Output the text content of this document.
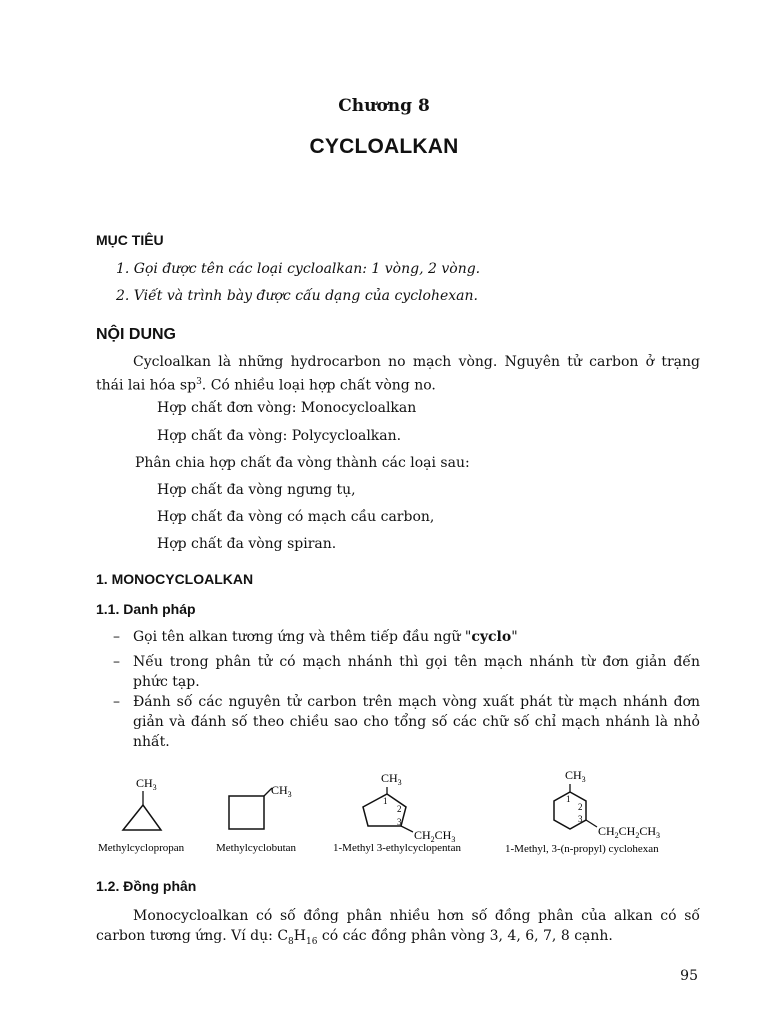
Chương 8
CYCLOALKAN
MỤC TIÊU
1. Gọi được tên các loại cycloalkan: 1 vòng, 2 vòng.
2. Viết và trình bày được cấu dạng của cyclohexan.
NỘI DUNG
Cycloalkan là những hydrocarbon no mạch vòng. Nguyên tử carbon ở trạng thái lai hóa $sp^3$. Có nhiều loại hợp chất vòng no.
Hợp chất đơn vòng: Monocycloalkan
Hợp chất đa vòng: Polycycloalkan.
Phân chia hợp chất đa vòng thành các loại sau:
Hợp chất đa vòng ngưng tụ,
Hợp chất đa vòng có mạch cầu carbon,
Hợp chất đa vòng spiran.
1. MONOCYCLOALKAN
1.1. Danh pháp
– Gọi tên alkan tương ứng và thêm tiếp đầu ngữ "cyclo"
– Nếu trong phân tử có mạch nhánh thì gọi tên mạch nhánh từ đơn giản đến phức tạp.
– Đánh số các nguyên tử carbon trên mạch vòng xuất phát từ mạch nhánh đơn giản và đánh số theo chiều sao cho tổng số các chữ số chỉ mạch nhánh là nhỏ nhất.
$CH_3$
Methylcyclopropan
$CH_3$
Methylcyclobutan
$CH_3$
1
2
3
$CH_2CH_3$
1-Methyl 3-ethylcyclopentan
$CH_3$
1
2
3
$CH_2CH_2CH_3$
1-Methyl, 3-(n-propyl) cyclohexan
1.2. Đồng phân
Monocycloalkan có số đồng phân nhiều hơn số đồng phân của alkan có số carbon tương ứng. Ví dụ: $C_8H_{16}$ có các đồng phân vòng 3, 4, 6, 7, 8 cạnh.
95
